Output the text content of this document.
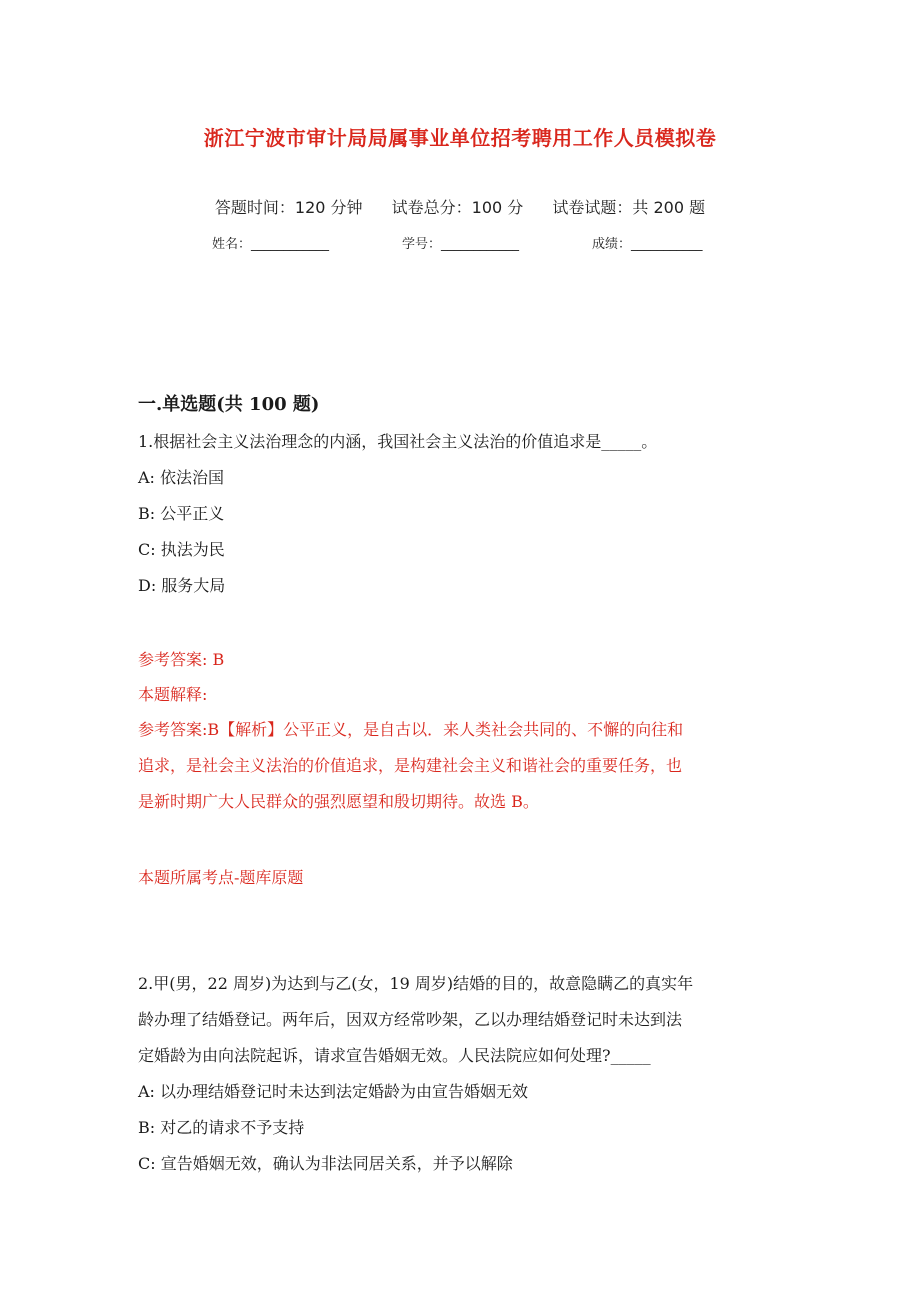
浙江宁波市审计局局属事业单位招考聘用工作人员模拟卷
答题时间：120 分钟 试卷总分：100 分 试卷试题：共 200 题
姓名：____________	学号：____________	成绩：___________
一.单选题(共 100 题)

1.根据社会主义法治理念的内涵，我国社会主义法治的价值追求是_____。

A: 依法治国

B: 公平正义

C: 执法为民

D: 服务大局

参考答案: B

本题解释:

参考答案:B【解析】公平正义，是自古以．来人类社会共同的、不懈的向往和

追求，是社会主义法治的价值追求，是构建社会主义和谐社会的重要任务，也

是新时期广大人民群众的强烈愿望和殷切期待。故选 B。

本题所属考点-题库原题

2.甲(男，22 周岁)为达到与乙(女，19 周岁)结婚的目的，故意隐瞒乙的真实年

龄办理了结婚登记。两年后，因双方经常吵架，乙以办理结婚登记时未达到法

定婚龄为由向法院起诉，请求宣告婚姻无效。人民法院应如何处理?_____

A: 以办理结婚登记时未达到法定婚龄为由宣告婚姻无效

B: 对乙的请求不予支持

C: 宣告婚姻无效，确认为非法同居关系，并予以解除
